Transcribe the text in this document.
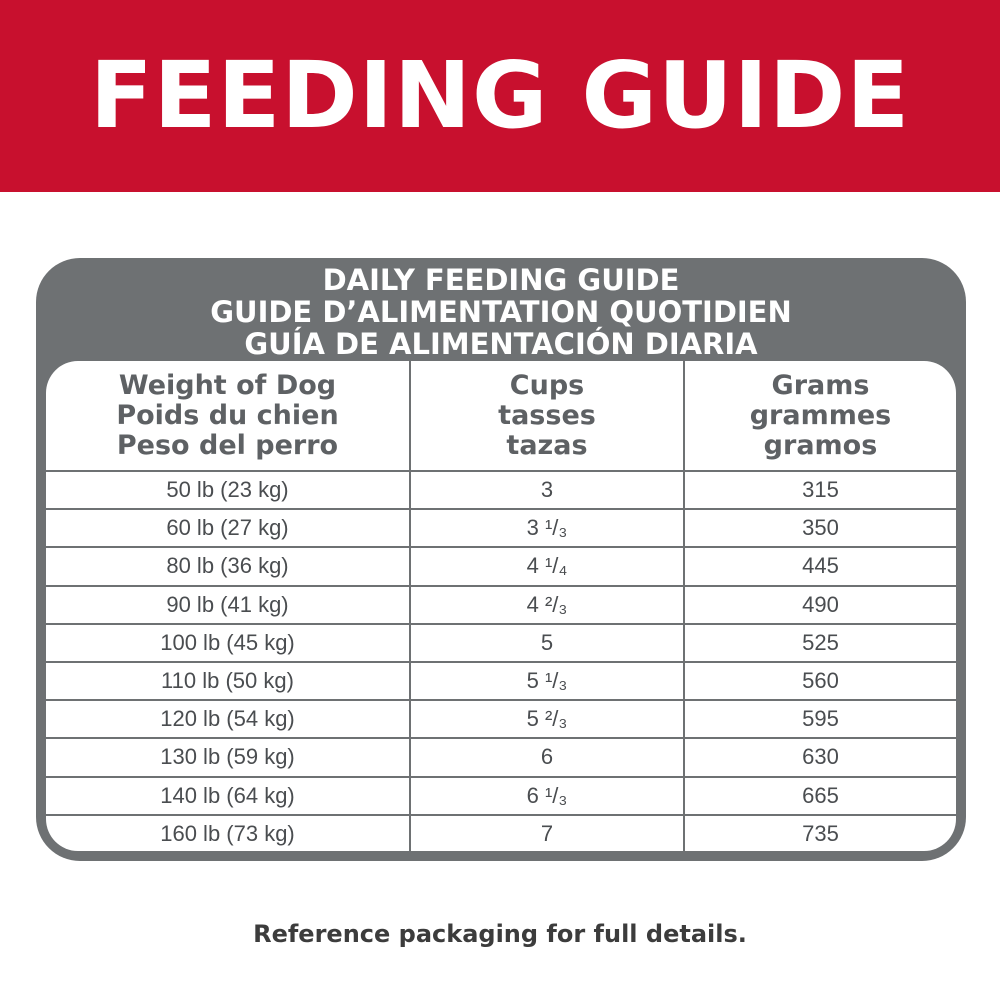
FEEDING GUIDE
DAILY FEEDING GUIDE
GUIDE D’ALIMENTATION QUOTIDIEN
GUÍA DE ALIMENTACIÓN DIARIA
Weight of Dog
Poids du chien
Peso del perro
Cups
tasses
tazas
Grams
grammes
gramos
50 lb (23 kg)	3	315
60 lb (27 kg)	3 ¹/₃	350
80 lb (36 kg)	4 ¹/₄	445
90 lb (41 kg)	4 ²/₃	490
100 lb (45 kg)	5	525
110 lb (50 kg)	5 ¹/₃	560
120 lb (54 kg)	5 ²/₃	595
130 lb (59 kg)	6	630
140 lb (64 kg)	6 ¹/₃	665
160 lb (73 kg)	7	735
Reference packaging for full details.
